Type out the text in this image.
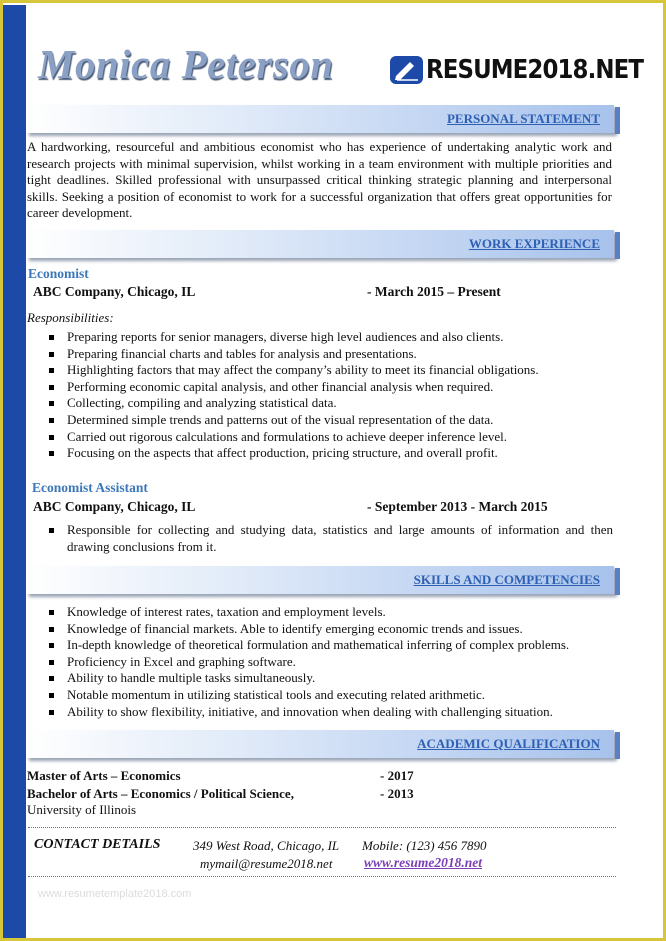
Monica Peterson	RESUME2018.NET
PERSONAL STATEMENT

A hardworking, resourceful and ambitious economist who has experience of undertaking analytic work and research projects with minimal supervision, whilst working in a team environment with multiple priorities and tight deadlines. Skilled professional with unsurpassed critical thinking strategic planning and interpersonal skills. Seeking a position of economist to work for a successful organization that offers great opportunities for career development.

WORK EXPERIENCE
Economist
ABC Company, Chicago, IL	- March 2015 – Present
Responsibilities:
Preparing reports for senior managers, diverse high level audiences and also clients.
Preparing financial charts and tables for analysis and presentations.
Highlighting factors that may affect the company’s ability to meet its financial obligations.
Performing economic capital analysis, and other financial analysis when required.
Collecting, compiling and analyzing statistical data.
Determined simple trends and patterns out of the visual representation of the data.
Carried out rigorous calculations and formulations to achieve deeper inference level.
Focusing on the aspects that affect production, pricing structure, and overall profit.
Economist Assistant
ABC Company, Chicago, IL	- September 2013 - March 2015
Responsible for collecting and studying data, statistics and large amounts of information and then drawing conclusions from it.
SKILLS AND COMPETENCIES
Knowledge of interest rates, taxation and employment levels.
Knowledge of financial markets. Able to identify emerging economic trends and issues.
In-depth knowledge of theoretical formulation and mathematical inferring of complex problems.
Proficiency in Excel and graphing software.
Ability to handle multiple tasks simultaneously.
Notable momentum in utilizing statistical tools and executing related arithmetic.
Ability to show flexibility, initiative, and innovation when dealing with challenging situation.
ACADEMIC QUALIFICATION
Master of Arts – Economics	- 2017
Bachelor of Arts – Economics / Political Science,	- 2013
University of Illinois
CONTACT DETAILS	349 West Road, Chicago, IL Mobile: (123) 456 7890
mymail@resume2018.net www.resume2018.net
www.resumetemplate2018.com
